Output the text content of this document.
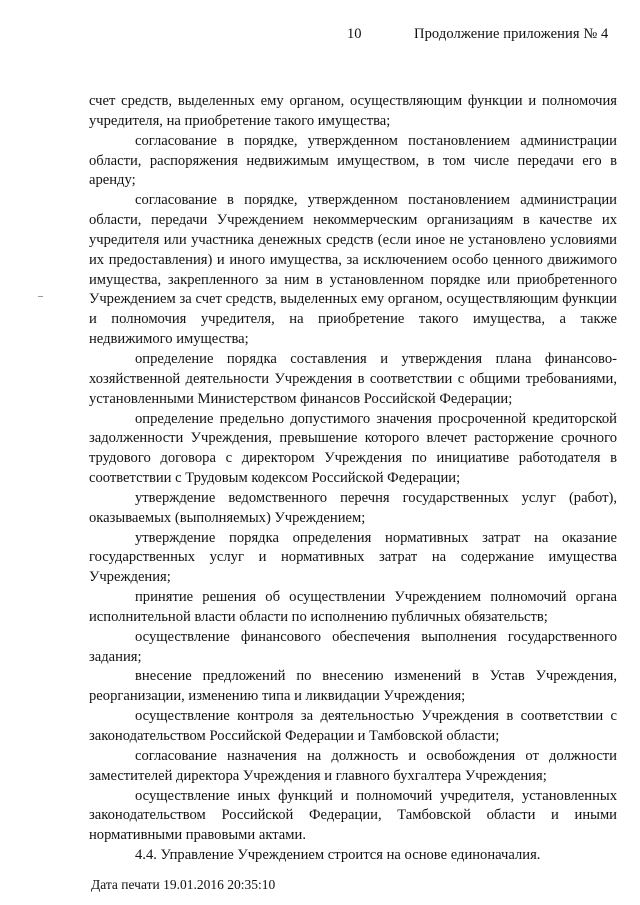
10	Продолжение приложения № 4

счет средств, выделенных ему органом, осуществляющим функции и полномочия учредителя, на приобретение такого имущества;

согласование в порядке, утвержденном постановлением администрации области, распоряжения недвижимым имуществом, в том числе передачи его в аренду;

согласование в порядке, утвержденном постановлением администрации области, передачи Учреждением некоммерческим организациям в качестве их учредителя или участника денежных средств (если иное не установлено условиями их предоставления) и иного имущества, за исключением особо ценного движимого имущества, закрепленного за ним в установленном порядке или приобретенного Учреждением за счет средств, выделенных ему органом, осуществляющим функции и полномочия учредителя, на приобретение такого имущества, а также недвижимого имущества;

определение порядка составления и утверждения плана финансово-хозяйственной деятельности Учреждения в соответствии с общими требованиями, установленными Министерством финансов Российской Федерации;

определение предельно допустимого значения просроченной кредиторской задолженности Учреждения, превышение которого влечет расторжение срочного трудового договора с директором Учреждения по инициативе работодателя в соответствии с Трудовым кодексом Российской Федерации;

утверждение ведомственного перечня государственных услуг (работ), оказываемых (выполняемых) Учреждением;

утверждение порядка определения нормативных затрат на оказание государственных услуг и нормативных затрат на содержание имущества Учреждения;

принятие решения об осуществлении Учреждением полномочий органа исполнительной власти области по исполнению публичных обязательств;

осуществление финансового обеспечения выполнения государственного задания;

внесение предложений по внесению изменений в Устав Учреждения, реорганизации, изменению типа и ликвидации Учреждения;

осуществление контроля за деятельностью Учреждения в соответствии с законодательством Российской Федерации и Тамбовской области;

согласование назначения на должность и освобождения от должности заместителей директора Учреждения и главного бухгалтера Учреждения;

осуществление иных функций и полномочий учредителя, установленных законодательством Российской Федерации, Тамбовской области и иными нормативными правовыми актами.

4.4. Управление Учреждением строится на основе единоначалия.

Дата печати 19.01.2016 20:35:10
